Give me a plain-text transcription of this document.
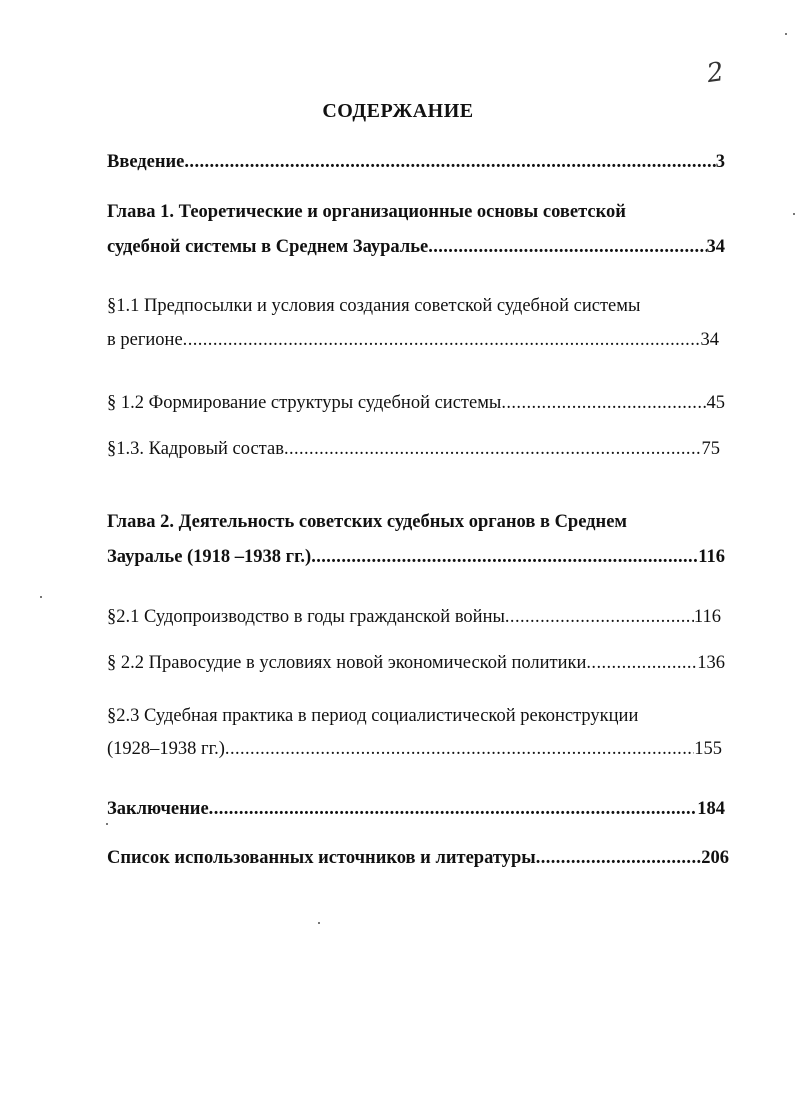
2
СОДЕРЖАНИЕ
Введение .....	3
Глава 1. Теоретические и организационные основы советской
судебной системы в Среднем Зауралье .....	34
§1.1 Предпосылки и условия создания советской судебной системы
в регионе .....	34
§ 1.2 Формирование структуры судебной системы .....	45
§1.3. Кадровый состав .....	75
Глава 2. Деятельность советских судебных органов в Среднем
Зауралье (1918 –1938 гг.) .....	116
§2.1 Судопроизводство в годы гражданской войны .....	116
§ 2.2 Правосудие в условиях новой экономической политики .....	136
§2.3 Судебная практика в период социалистической реконструкции
(1928–1938 гг.) .....	155
Заключение .....	184
Список использованных источников и литературы .....	206
